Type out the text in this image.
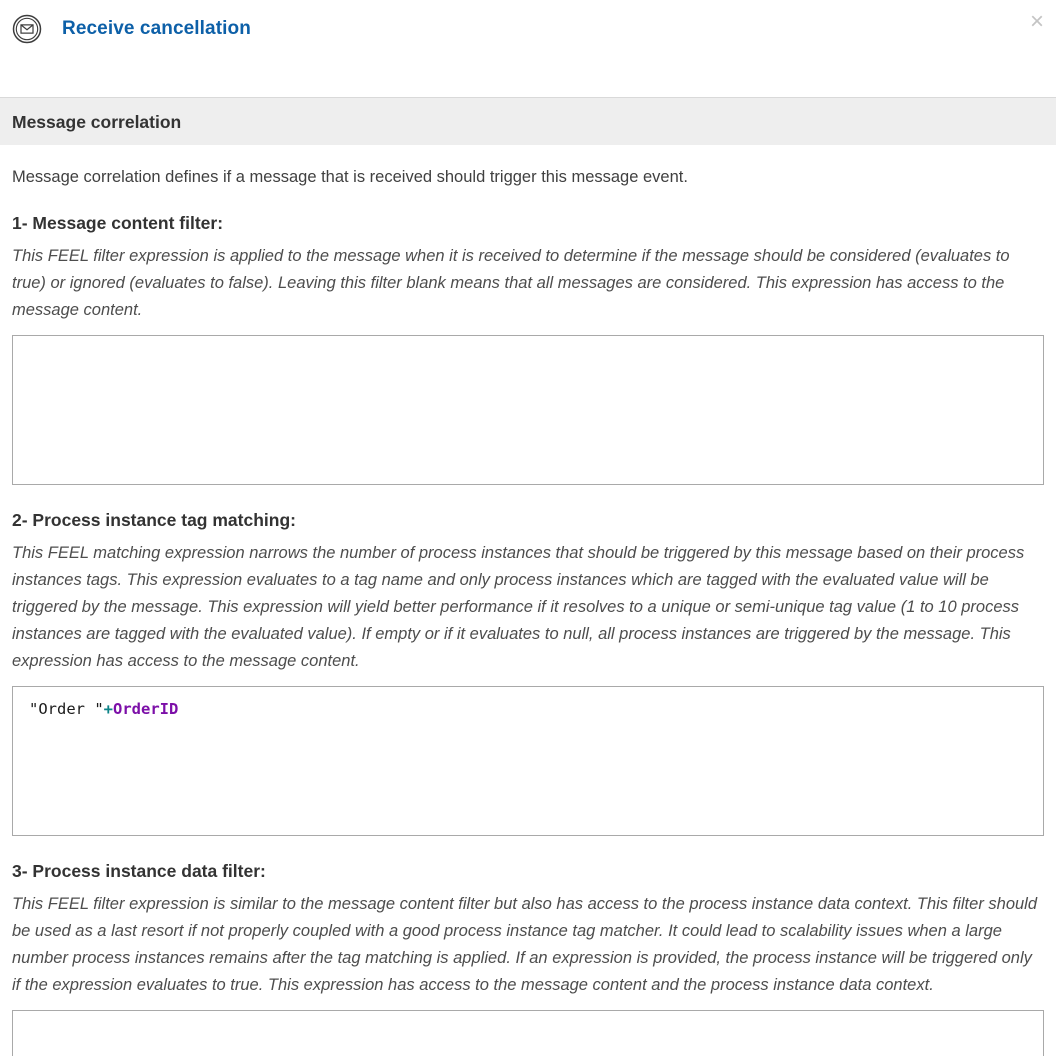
Receive cancellation	×
Message correlation

Message correlation defines if a message that is received should trigger this message event.

1- Message content filter:

This FEEL filter expression is applied to the message when it is received to determine if the message should be considered (evaluates to true) or ignored (evaluates to false). Leaving this filter blank means that all messages are considered. This expression has access to the message content.

2- Process instance tag matching:

This FEEL matching expression narrows the number of process instances that should be triggered by this message based on their process instances tags. This expression evaluates to a tag name and only process instances which are tagged with the evaluated value will be triggered by the message. This expression will yield better performance if it resolves to a unique or semi-unique tag value (1 to 10 process instances are tagged with the evaluated value). If empty or if it evaluates to null, all process instances are triggered by the message. This expression has access to the message content.

"Order "+OrderID
3- Process instance data filter:

This FEEL filter expression is similar to the message content filter but also has access to the process instance data context. This filter should be used as a last resort if not properly coupled with a good process instance tag matcher. It could lead to scalability issues when a large number process instances remains after the tag matching is applied. If an expression is provided, the process instance will be triggered only if the expression evaluates to true. This expression has access to the message content and the process instance data context.
